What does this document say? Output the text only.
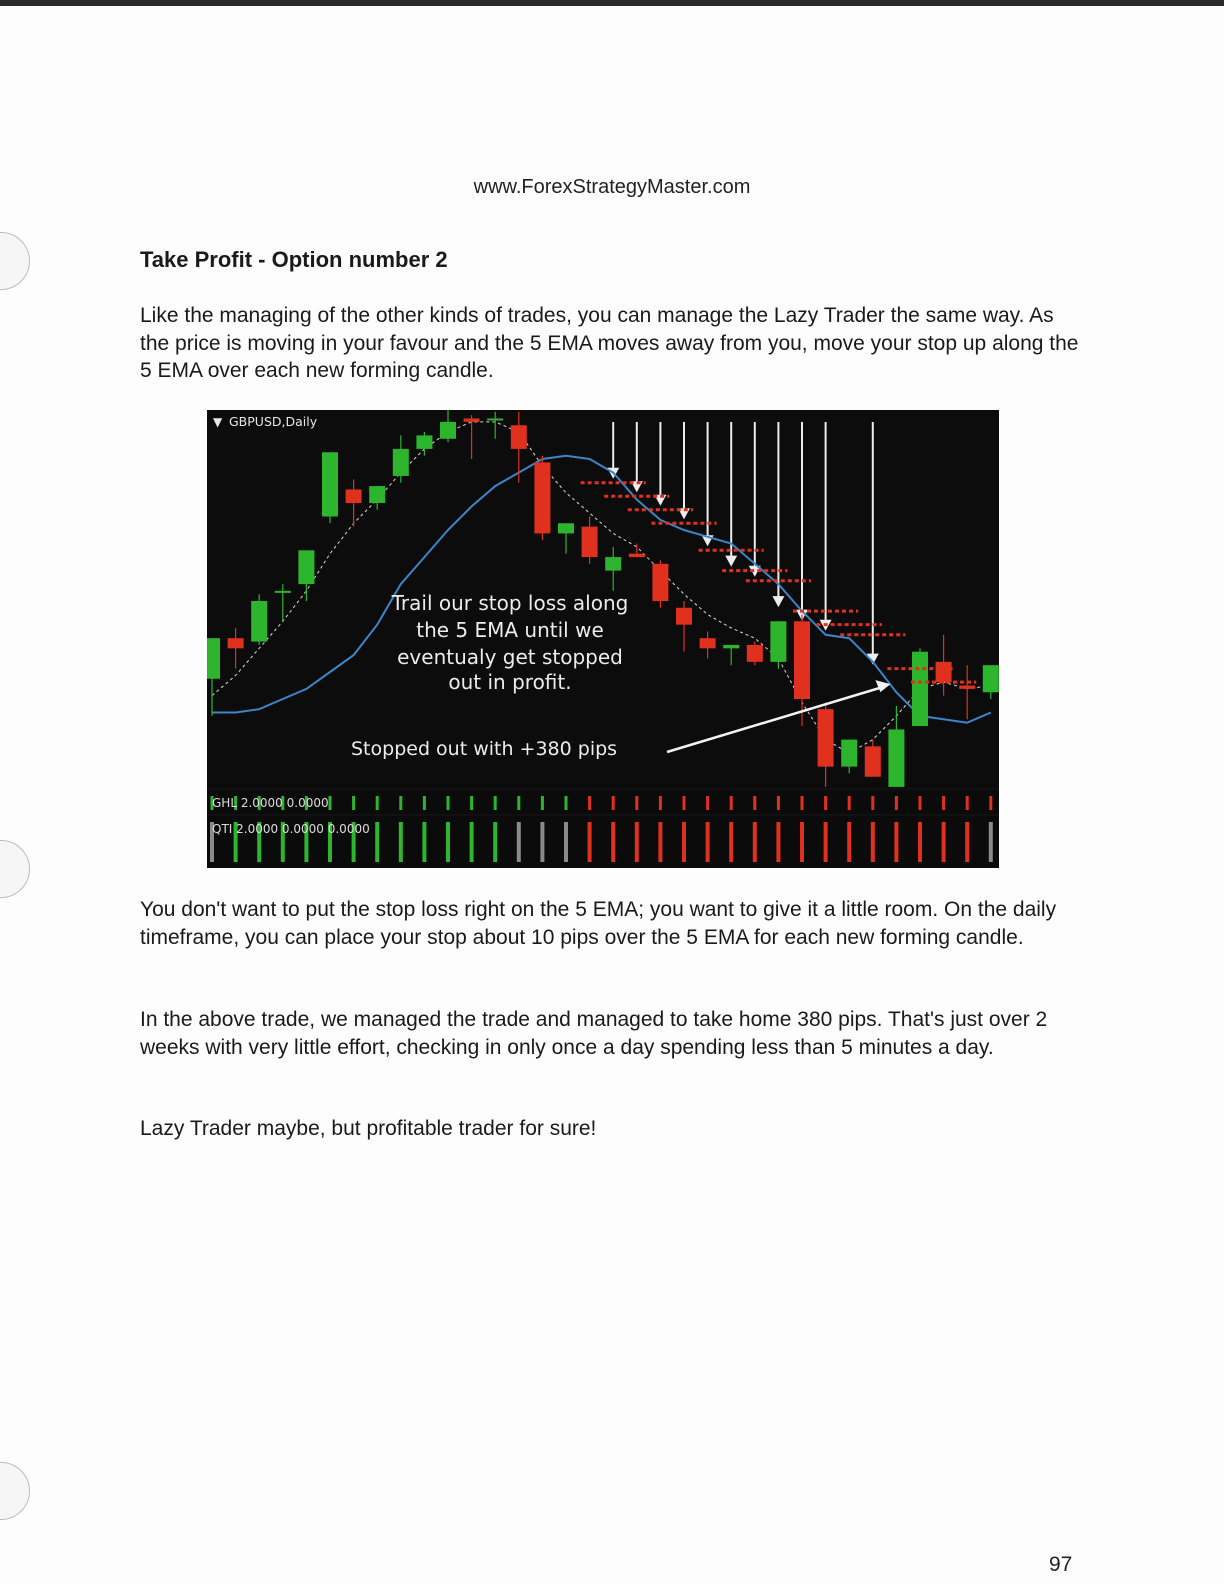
www.ForexStrategyMaster.com
Take Profit - Option number 2

Like the managing of the other kinds of trades, you can manage the Lazy Trader the same way. As the price is moving in your favour and the 5 EMA moves away from you, move your stop up along the 5 EMA over each new forming candle.

▼ GBPUSD,Daily
Trail our stop loss along
the 5 EMA until we
eventualy get stopped
out in profit.
Stopped out with +380 pips
GHL 2.0000 0.0000
QTI 2.0000 0.0000 0.0000

You don't want to put the stop loss right on the 5 EMA; you want to give it a little room. On the daily timeframe, you can place your stop about 10 pips over the 5 EMA for each new forming candle.

In the above trade, we managed the trade and managed to take home 380 pips. That's just over 2 weeks with very little effort, checking in only once a day spending less than 5 minutes a day.

Lazy Trader maybe, but profitable trader for sure!

97
